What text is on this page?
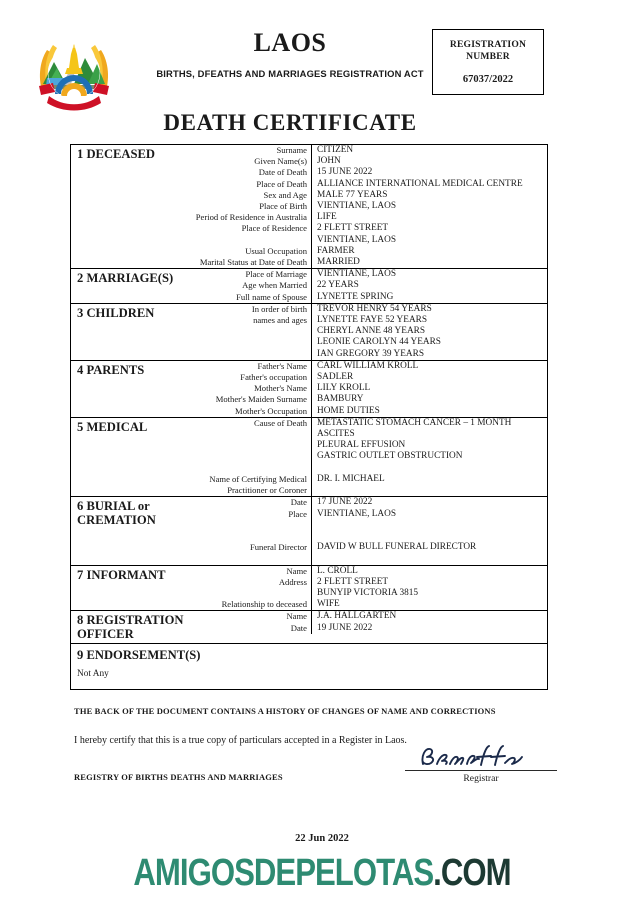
LAOS
BIRTHS, DFEATHS AND MARRIAGES REGISTRATION ACT
DEATH CERTIFICATE
REGISTRATION
NUMBER
67037/2022
1 DECEASED	Surname	CITIZEN
Given Name(s)	JOHN
Date of Death	15 JUNE 2022
Place of Death	ALLIANCE INTERNATIONAL MEDICAL CENTRE
Sex and Age	MALE 77 YEARS
Place of Birth	VIENTIANE, LAOS
Period of Residence in Australia	LIFE
Place of Residence	2 FLETT STREET
VIENTIANE, LAOS
Usual Occupation	FARMER
Marital Status at Date of Death	MARRIED
2 MARRIAGE(S)	Place of Marriage	VIENTIANE, LAOS
Age when Married	22 YEARS
Full name of Spouse	LYNETTE SPRING
3 CHILDREN	In order of birth	TREVOR HENRY 54 YEARS
names and ages	LYNETTE FAYE 52 YEARS
CHERYL ANNE 48 YEARS
LEONIE CAROLYN 44 YEARS
IAN GREGORY 39 YEARS
4 PARENTS	Father's Name	CARL WILLIAM KROLL
Father's occupation	SADLER
Mother's Name	LILY KROLL
Mother's Maiden Surname	BAMBURY
Mother's Occupation	HOME DUTIES
5 MEDICAL	Cause of Death	METASTATIC STOMACH CANCER – 1 MONTH
ASCITES
PLEURAL EFFUSION
GASTRIC OUTLET OBSTRUCTION

Name of Certifying Medical	DR. I. MICHAEL
Practitioner or Coroner

6 BURIAL or
CREMATION
Date	17 JUNE 2022
Place	VIENTIANE, LAOS

Funeral Director	DAVID W BULL FUNERAL DIRECTOR

7 INFORMANT	Name	L. CROLL
Address	2 FLETT STREET
BUNYIP VICTORIA 3815
Relationship to deceased	WIFE
8 REGISTRATION OFFICER
Name	J.A. HALLGARTEN
Date	19 JUNE 2022
9 ENDORSEMENT(S)
Not Any
THE BACK OF THE DOCUMENT CONTAINS A HISTORY OF CHANGES OF NAME AND CORRECTIONS
I hereby certify that this is a true copy of particulars accepted in a Register in Laos.
REGISTRY OF BIRTHS DEATHS AND MARRIAGES	Registrar
22 Jun 2022
AMIGOSDEPELOTAS.COM
